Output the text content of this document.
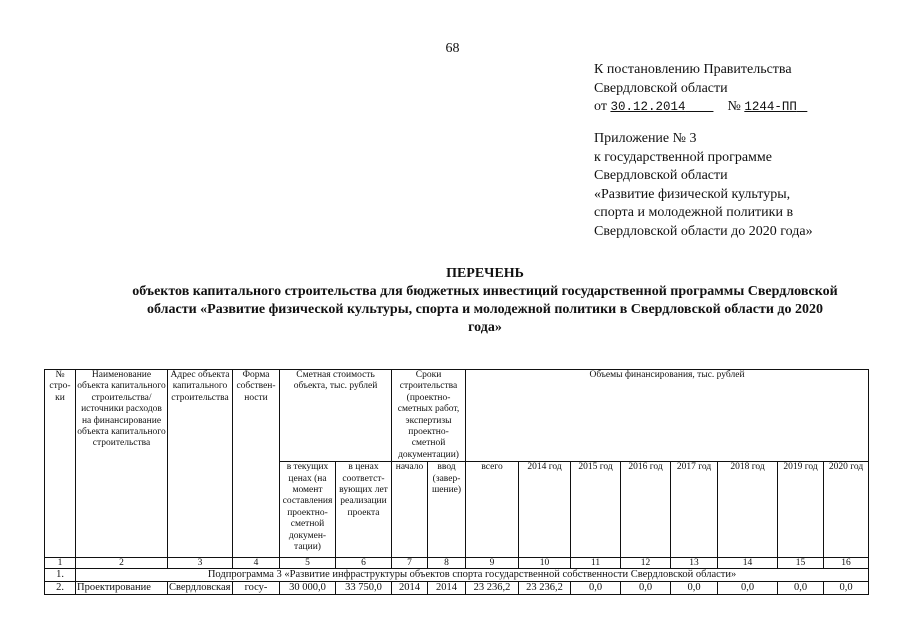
68
К постановлению Правительства
Свердловской области
от 30.12.2014	№ 1244-ПП
Приложение № 3
к государственной программе
Свердловской области
«Развитие физической культуры,
спорта и молодежной политики в
Свердловской области до 2020 года»
ПЕРЕЧЕНЬ
объектов капитального строительства для бюджетных инвестиций государственной программы Свердловской
области «Развитие физической культуры, спорта и молодежной политики в Свердловской области до 2020
года»
№ стро- ки	Наименование объекта капитального строительства/ источники расходов на финансирование объекта капитального строительства	Адрес объекта капитального строительства	Форма собствен- ности	Сметная стоимость объекта, тыс. рублей		Сроки строительства (проектно- сметных работ, экспертизы проектно- сметной документации)		Объемы финансирования, тыс. рублей							
				в текущих ценах (на момент составления проектно- сметной докумен- тации)	в ценах соответст- вующих лет реализации проекта	начало	ввод (завер- шение)	всего	2014 год	2015 год	2016 год	2017 год	2018 год	2019 год	2020 год
1	2	3	4	5	6	7	8	9	10	11	12	13	14	15	16
1.	Подпрограмма 3 «Развитие инфраструктуры объектов спорта государственной собственности Свердловской области»														
2.	Проектирование	Свердловская	госу-	30 000,0	33 750,0	2014	2014	23 236,2	23 236,2	0,0	0,0	0,0	0,0	0,0	0,0
